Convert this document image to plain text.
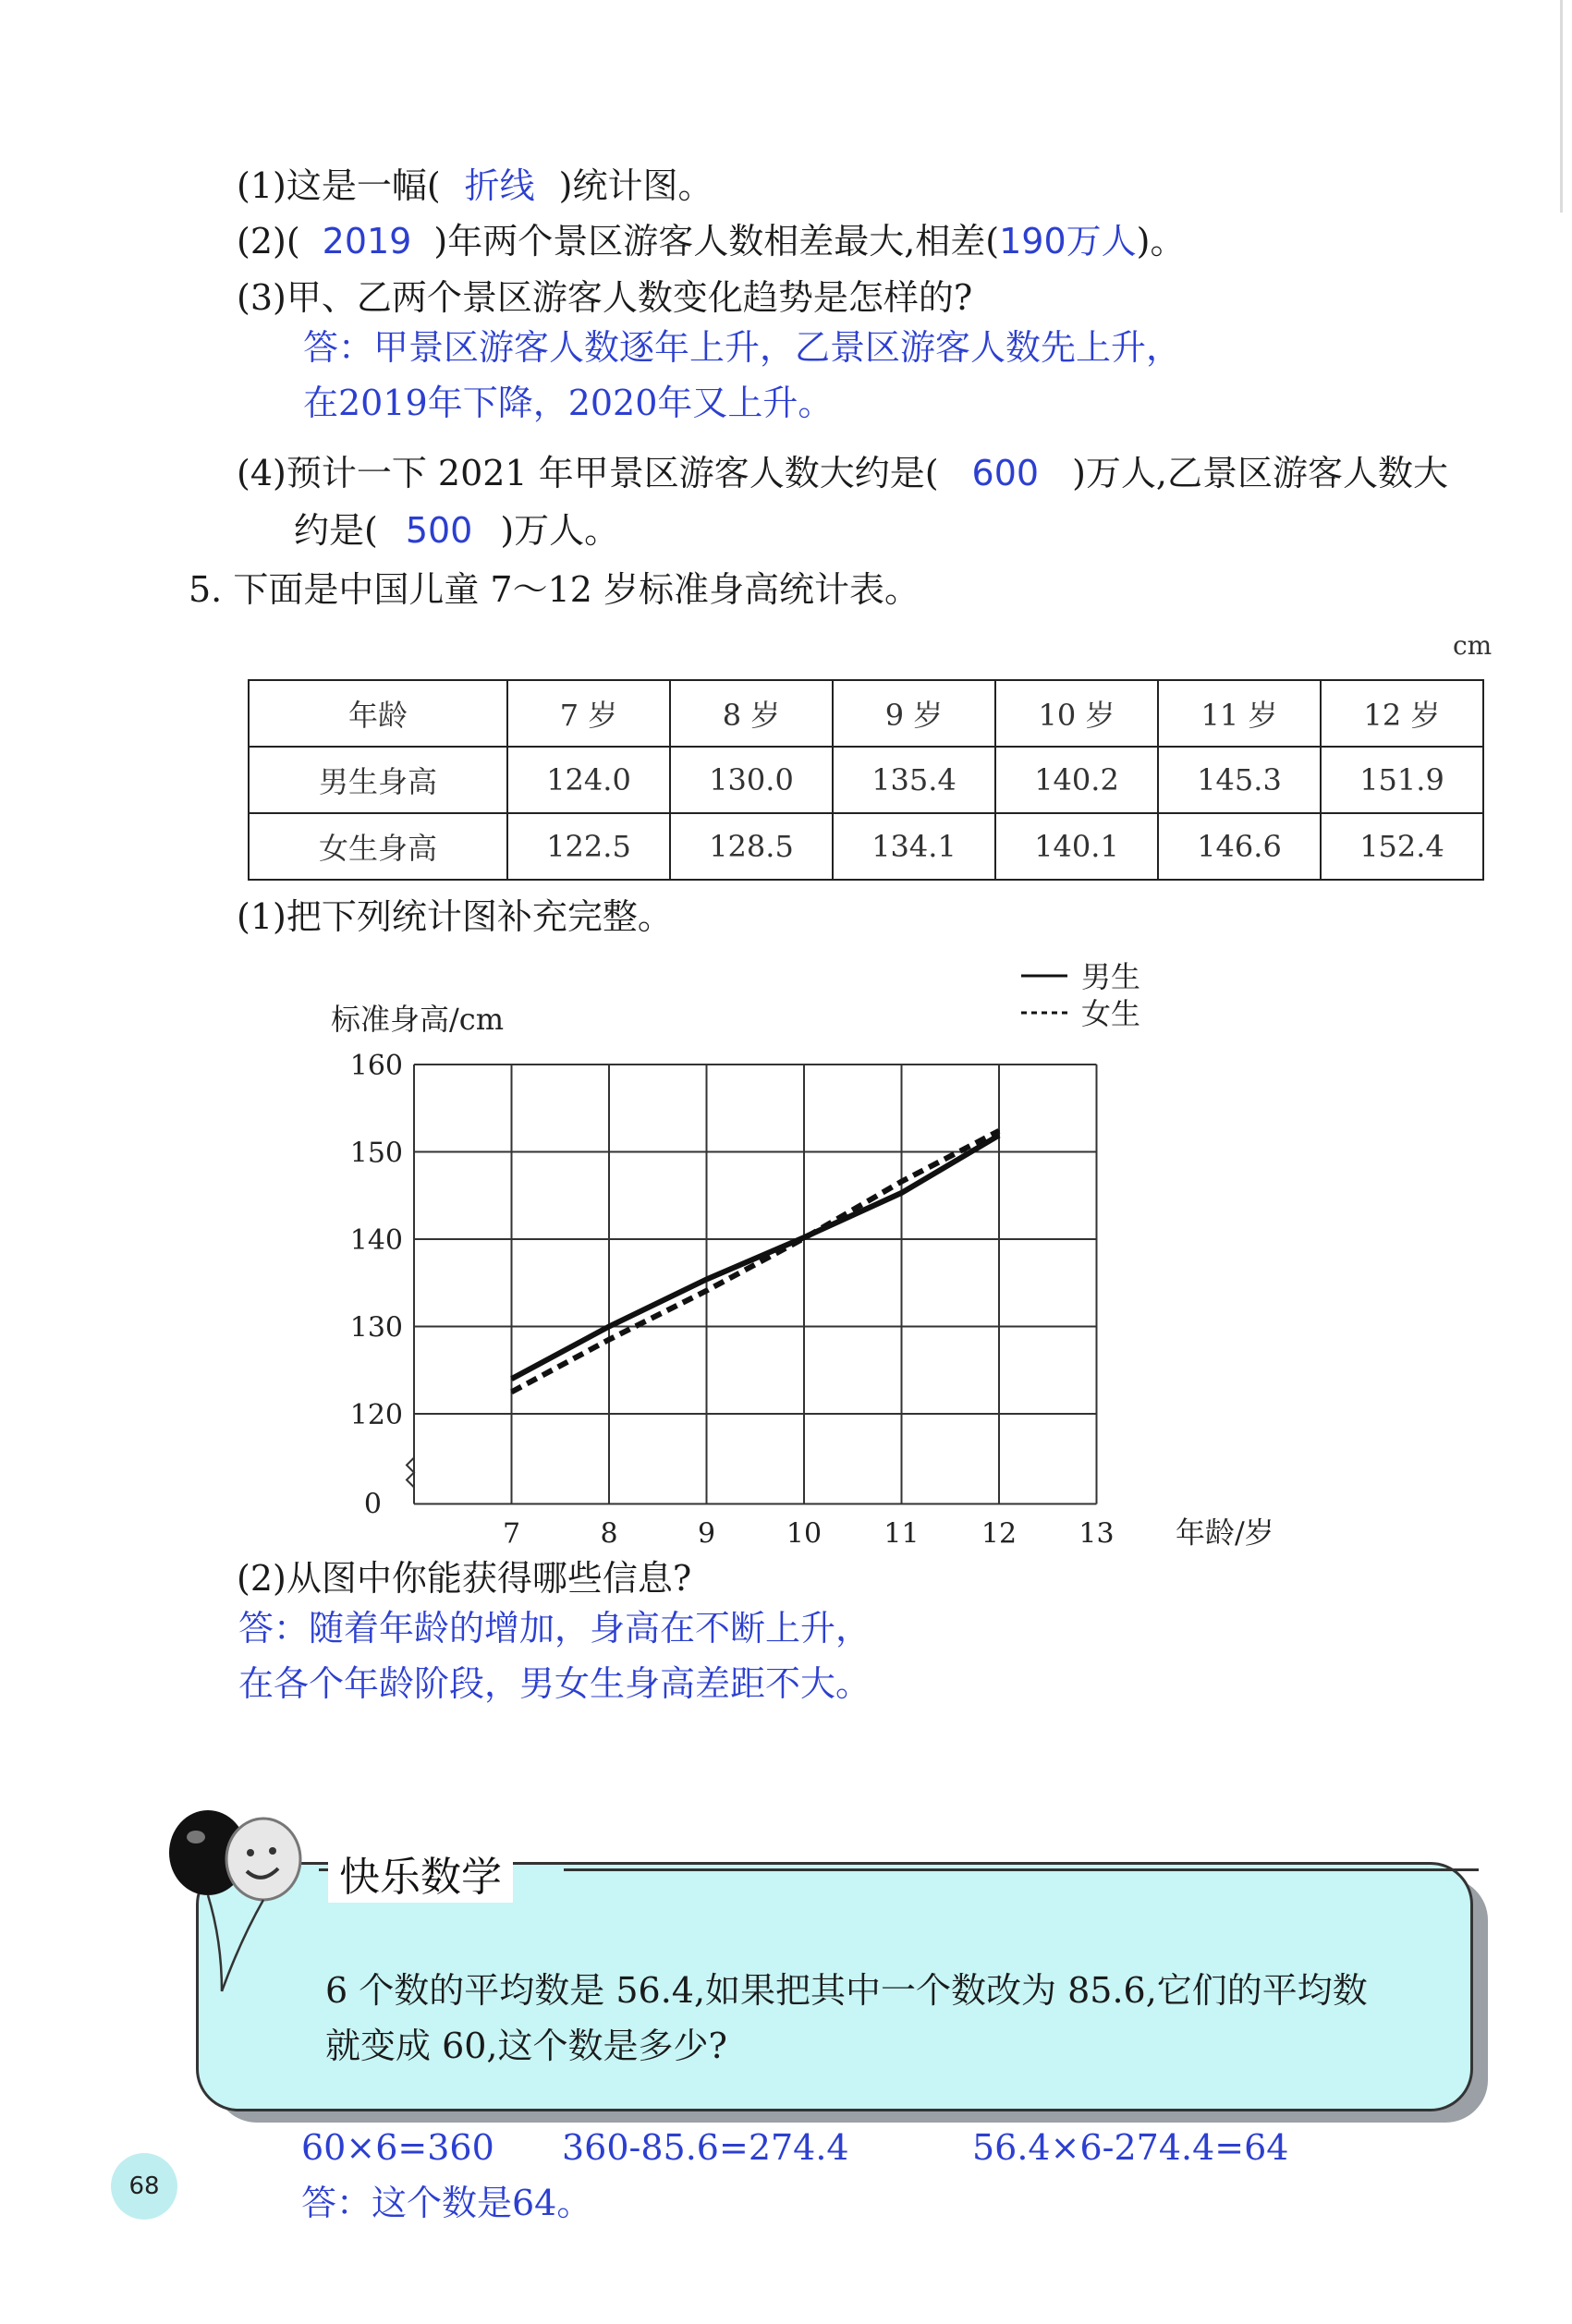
(1)这是一幅( 折线 )统计图。
(2)( 2019 )年两个景区游客人数相差最大,相差(190万人)。
(3)甲、乙两个景区游客人数变化趋势是怎样的?
答：甲景区游客人数逐年上升，乙景区游客人数先上升，
在2019年下降，2020年又上升。
(4)预计一下 2021 年甲景区游客人数大约是( 600 )万人,乙景区游客人数大
约是( 500 )万人。
5. 下面是中国儿童 7～12 岁标准身高统计表。
cm
年龄	7 岁	8 岁	9 岁	10 岁	11 岁	12 岁
男生身高	124.0	130.0	135.4	140.2	145.3	151.9
女生身高	122.5	128.5	134.1	140.1	146.6	152.4
(1)把下列统计图补充完整。
160
150
140
130
120
0
7	8	9	10 11 12 13 年龄/岁
标准身高/cm
男生
女生
(2)从图中你能获得哪些信息?
答：随着年龄的增加，身高在不断上升，
在各个年龄阶段，男女生身高差距不大。
快乐数学
6 个数的平均数是 56.4,如果把其中一个数改为 85.6,它们的平均数
就变成 60,这个数是多少?
60×6=360 360-85.6=274.4	56.4×6-274.4=64
答：这个数是64。
68
